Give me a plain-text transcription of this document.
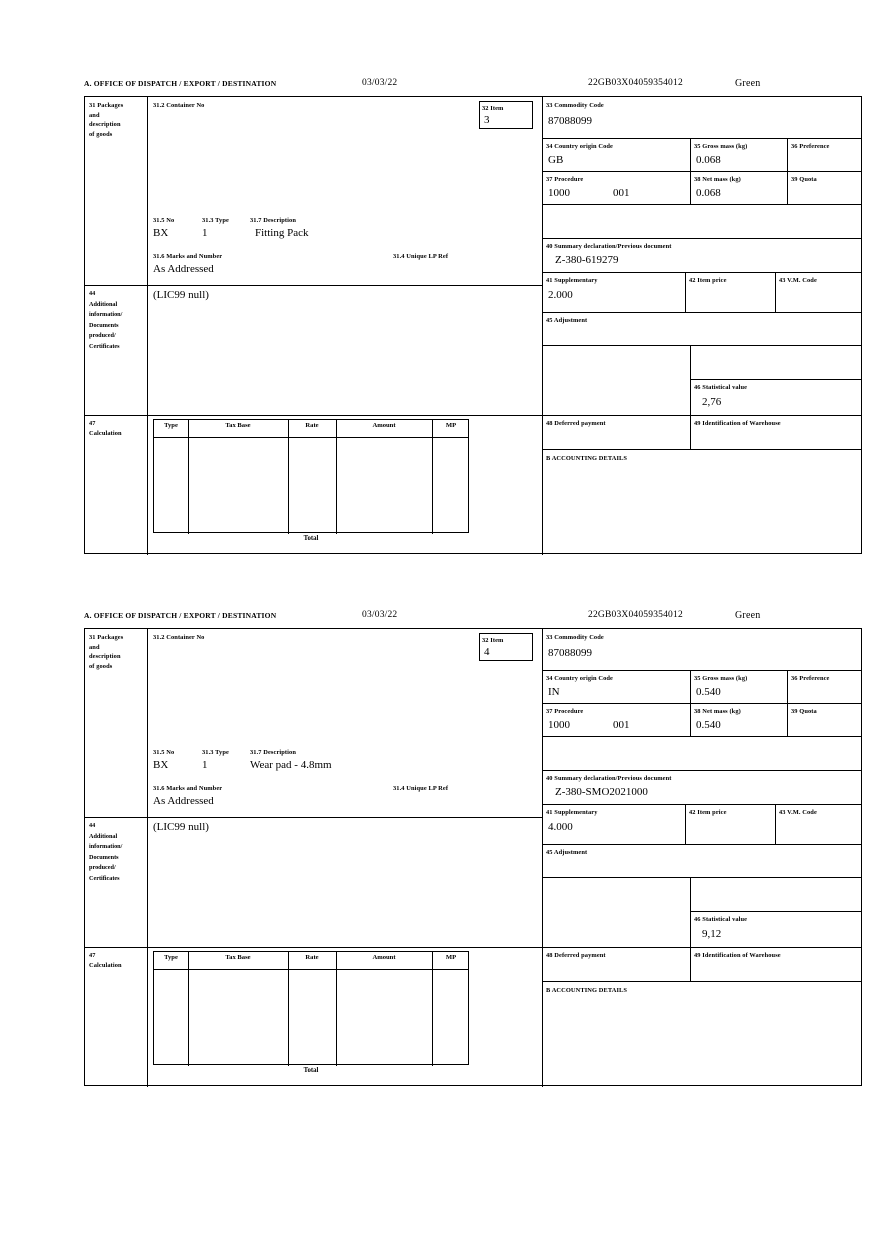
A. OFFICE OF DISPATCH / EXPORT / DESTINATION	03/03/22	22GB03X04059354012	Green
31 Packages
and
description
of goods
31.2 Container No
31.5 No	31.3 Type	31.7 Description
BX	1	Fitting Pack
31.6 Marks and Number	31.4 Unique LP Ref
As Addressed
32 Item
3
33 Commodity Code
87088099
34 Country origin Code
GB
35 Gross mass (kg)
0.068
36 Preference
37 Procedure
1000	001
38 Net mass (kg)
0.068
39 Quota
40 Summary declaration/Previous document
Z-380-619279
41 Supplementary
2.000
42 Item price	43 V.M. Code
44
Additional
information/
Documents
produced/
Certificates
(LIC99 null)
45 Adjustment
46 Statistical value
2,76
47
Calculation
Type	Tax Base	Rate	Amount	MP
Total
48 Deferred payment	49 Identification of Warehouse
B ACCOUNTING DETAILS
A. OFFICE OF DISPATCH / EXPORT / DESTINATION	03/03/22	22GB03X04059354012	Green
31 Packages
and
description
of goods
31.2 Container No
31.5 No	31.3 Type	31.7 Description
BX	1	Wear pad - 4.8mm
31.6 Marks and Number	31.4 Unique LP Ref
As Addressed
32 Item
4
33 Commodity Code
87088099
34 Country origin Code
IN
35 Gross mass (kg)
0.540
36 Preference
37 Procedure
1000	001
38 Net mass (kg)
0.540
39 Quota
40 Summary declaration/Previous document
Z-380-SMO2021000
41 Supplementary
4.000
42 Item price	43 V.M. Code
44
Additional
information/
Documents
produced/
Certificates
(LIC99 null)
45 Adjustment
46 Statistical value
9,12
47
Calculation
Type	Tax Base	Rate	Amount	MP
Total
48 Deferred payment	49 Identification of Warehouse
B ACCOUNTING DETAILS
